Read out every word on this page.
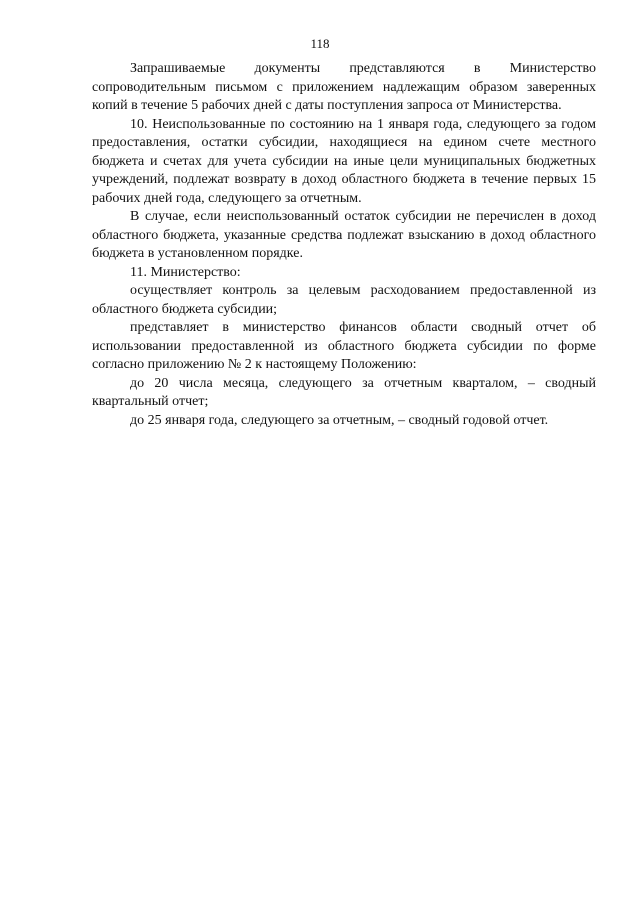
118

Запрашиваемые документы представляются в Министерство сопроводительным письмом с приложением надлежащим образом заверенных копий в течение 5 рабочих дней с даты поступления запроса от Министерства.

10. Неиспользованные по состоянию на 1 января года, следующего за годом предоставления, остатки субсидии, находящиеся на едином счете местного бюджета и счетах для учета субсидии на иные цели муниципальных бюджетных учреждений, подлежат возврату в доход областного бюджета в течение первых 15 рабочих дней года, следующего за отчетным.

В случае, если неиспользованный остаток субсидии не перечислен в доход областного бюджета, указанные средства подлежат взысканию в доход областного бюджета в установленном порядке.

11. Министерство:

осуществляет контроль за целевым расходованием предоставленной из областного бюджета субсидии;

представляет в министерство финансов области сводный отчет об использовании предоставленной из областного бюджета субсидии по форме согласно приложению № 2 к настоящему Положению:

до 20 числа месяца, следующего за отчетным кварталом, – сводный квартальный отчет;

до 25 января года, следующего за отчетным, – сводный годовой отчет.
